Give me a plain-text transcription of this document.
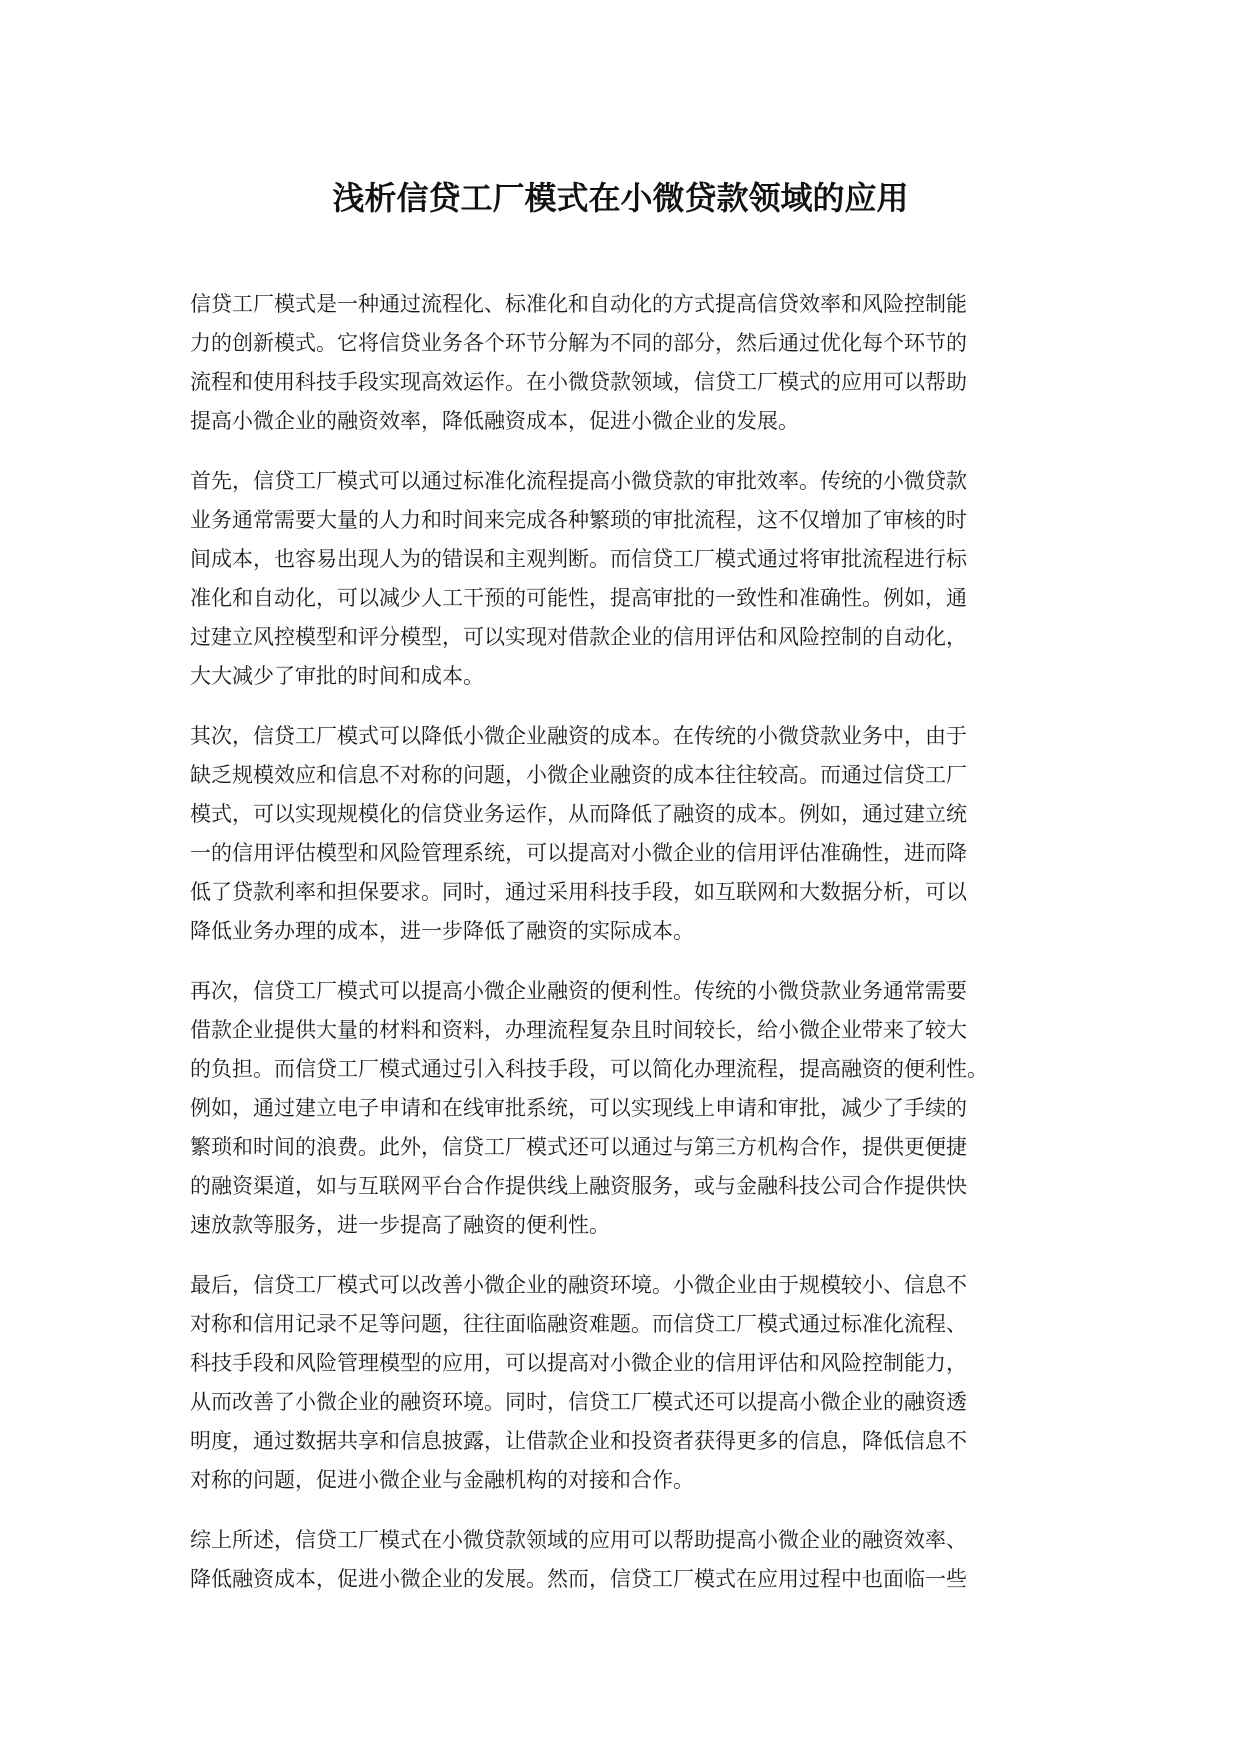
浅析信贷工厂模式在小微贷款领域的应用

信贷工厂模式是一种通过流程化、标准化和自动化的方式提高信贷效率和风险控制能
力的创新模式。它将信贷业务各个环节分解为不同的部分，然后通过优化每个环节的
流程和使用科技手段实现高效运作。在小微贷款领域，信贷工厂模式的应用可以帮助
提高小微企业的融资效率，降低融资成本，促进小微企业的发展。

首先，信贷工厂模式可以通过标准化流程提高小微贷款的审批效率。传统的小微贷款
业务通常需要大量的人力和时间来完成各种繁琐的审批流程，这不仅增加了审核的时
间成本，也容易出现人为的错误和主观判断。而信贷工厂模式通过将审批流程进行标
准化和自动化，可以减少人工干预的可能性，提高审批的一致性和准确性。例如，通
过建立风控模型和评分模型，可以实现对借款企业的信用评估和风险控制的自动化，
大大减少了审批的时间和成本。

其次，信贷工厂模式可以降低小微企业融资的成本。在传统的小微贷款业务中，由于
缺乏规模效应和信息不对称的问题，小微企业融资的成本往往较高。而通过信贷工厂
模式，可以实现规模化的信贷业务运作，从而降低了融资的成本。例如，通过建立统
一的信用评估模型和风险管理系统，可以提高对小微企业的信用评估准确性，进而降
低了贷款利率和担保要求。同时，通过采用科技手段，如互联网和大数据分析，可以
降低业务办理的成本，进一步降低了融资的实际成本。

再次，信贷工厂模式可以提高小微企业融资的便利性。传统的小微贷款业务通常需要
借款企业提供大量的材料和资料，办理流程复杂且时间较长，给小微企业带来了较大
的负担。而信贷工厂模式通过引入科技手段，可以简化办理流程，提高融资的便利性。
例如，通过建立电子申请和在线审批系统，可以实现线上申请和审批，减少了手续的
繁琐和时间的浪费。此外，信贷工厂模式还可以通过与第三方机构合作，提供更便捷
的融资渠道，如与互联网平台合作提供线上融资服务，或与金融科技公司合作提供快
速放款等服务，进一步提高了融资的便利性。

最后，信贷工厂模式可以改善小微企业的融资环境。小微企业由于规模较小、信息不
对称和信用记录不足等问题，往往面临融资难题。而信贷工厂模式通过标准化流程、
科技手段和风险管理模型的应用，可以提高对小微企业的信用评估和风险控制能力，
从而改善了小微企业的融资环境。同时，信贷工厂模式还可以提高小微企业的融资透
明度，通过数据共享和信息披露，让借款企业和投资者获得更多的信息，降低信息不
对称的问题，促进小微企业与金融机构的对接和合作。

综上所述，信贷工厂模式在小微贷款领域的应用可以帮助提高小微企业的融资效率、
降低融资成本，促进小微企业的发展。然而，信贷工厂模式在应用过程中也面临一些
